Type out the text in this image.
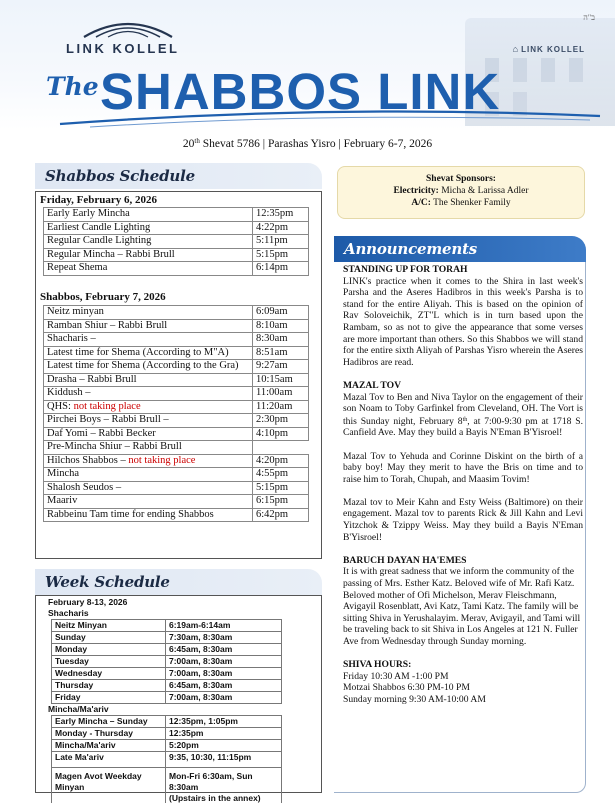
⌂ LINK KOLLEL
ב"ה
LINK KOLLEL
The SHABBOS LINK
20th Shevat 5786 | Parashas Yisro | February 6-7, 2026
Shabbos Schedule
Friday, February 6, 2026
Early Early Mincha	12:35pm
Earliest Candle Lighting	4:22pm
Regular Candle Lighting	5:11pm
Regular Mincha – Rabbi Brull	5:15pm
Repeat Shema	6:14pm
Shabbos, February 7, 2026
Neitz minyan	6:09am
Ramban Shiur – Rabbi Brull	8:10am
Shacharis –	8:30am
Latest time for Shema (According to M"A)	8:51am
Latest time for Shema (According to the Gra)	9:27am
Drasha – Rabbi Brull	10:15am
Kiddush –	11:00am
QHS: not taking place	11:20am
Pirchei Boys – Rabbi Brull –	2:30pm
Daf Yomi – Rabbi Becker	4:10pm
Pre-Mincha Shiur – Rabbi Brull	
Hilchos Shabbos – not taking place	4:20pm
Mincha	4:55pm
Shalosh Seudos –	5:15pm
Maariv	6:15pm
Rabbeinu Tam time for ending Shabbos	6:42pm
Week Schedule
February 8-13, 2026
Shacharis
Neitz Minyan	6:19am-6:14am
Sunday	7:30am, 8:30am
Monday	6:45am, 8:30am
Tuesday	7:00am, 8:30am
Wednesday	7:00am, 8:30am
Thursday	6:45am, 8:30am
Friday	7:00am, 8:30am
Mincha/Ma'ariv
Early Mincha – Sunday	12:35pm, 1:05pm
Monday - Thursday	12:35pm
Mincha/Ma'ariv	5:20pm
Late Ma'ariv	9:35, 10:30, 11:15pm
Magen Avot Weekday Minyan	Mon-Fri 6:30am, Sun 8:30am
(Upstairs in the annex)
Shevat Sponsors:
Electricity: Micha & Larissa Adler
A/C: The Shenker Family
Announcements

STANDING UP FOR TORAH

LINK's practice when it comes to the Shira in last week's Parsha and the Aseres Hadibros in this week's Parsha is to stand for the entire Aliyah. This is based on the opinion of Rav Soloveichik, ZT"L which is in turn based upon the Rambam, so as not to give the appearance that some verses are more important than others. So this Shabbos we will stand for the entire sixth Aliyah of Parshas Yisro wherein the Aseres Hadibros are read.

MAZAL TOV

Mazal Tov to Ben and Niva Taylor on the engagement of their son Noam to Toby Garfinkel from Cleveland, OH. The Vort is this Sunday night, February 8th, at 7:00-9:30 pm at 1718 S. Canfield Ave. May they build a Bayis N'Eman B'Yisroel!

Mazal Tov to Yehuda and Corinne Diskint on the birth of a baby boy! May they merit to have the Bris on time and to raise him to Torah, Chupah, and Maasim Tovim!

Mazal tov to Meir Kahn and Esty Weiss (Baltimore) on their engagement. Mazal tov to parents Rick & Jill Kahn and Levi Yitzchok & Tzippy Weiss. May they build a Bayis N'Eman B'Yisroel!

BARUCH DAYAN HA'EMES

It is with great sadness that we inform the community of the passing of Mrs. Esther Katz. Beloved wife of Mr. Rafi Katz. Beloved mother of Ofi Michelson, Merav Fleischmann, Avigayil Rosenblatt, Avi Katz, Tami Katz. The family will be sitting Shiva in Yerushalayim. Merav, Avigayil, and Tami will be traveling back to sit Shiva in Los Angeles at 121 N. Fuller Ave from Wednesday through Sunday morning.

SHIVA HOURS:

Friday 10:30 AM -1:00 PM

Motzai Shabbos 6:30 PM-10 PM

Sunday morning 9:30 AM-10:00 AM
